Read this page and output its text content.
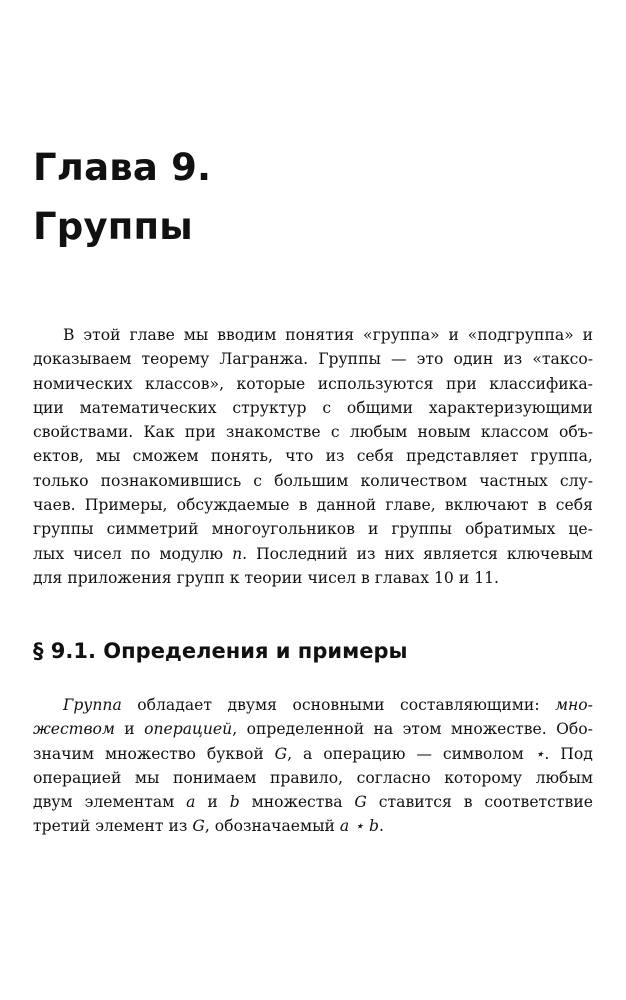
Глава 9.
Группы
В этой главе мы вводим понятия «группа» и «подгруппа» и
доказываем теорему Лагранжа. Группы — это один из «таксо-
номических классов», которые используются при классифика-
ции математических структур с общими характеризующими
свойствами. Как при знакомстве с любым новым классом объ-
ектов, мы сможем понять, что из себя представляет группа,
только познакомившись с большим количеством частных слу-
чаев. Примеры, обсуждаемые в данной главе, включают в себя
группы симметрий многоугольников и группы обратимых це-
лых чисел по модулю n. Последний из них является ключевым
для приложения групп к теории чисел в главах 10 и 11.
§ 9.1. Определения и примеры
Группа обладает двумя основными составляющими: мно-
жеством и операцией, определенной на этом множестве. Обо-
значим множество буквой G, а операцию — символом ⋆. Под
операцией мы понимаем правило, согласно которому любым
двум элементам a и b множества G ставится в соответствие
третий элемент из G, обозначаемый a ⋆ b.
